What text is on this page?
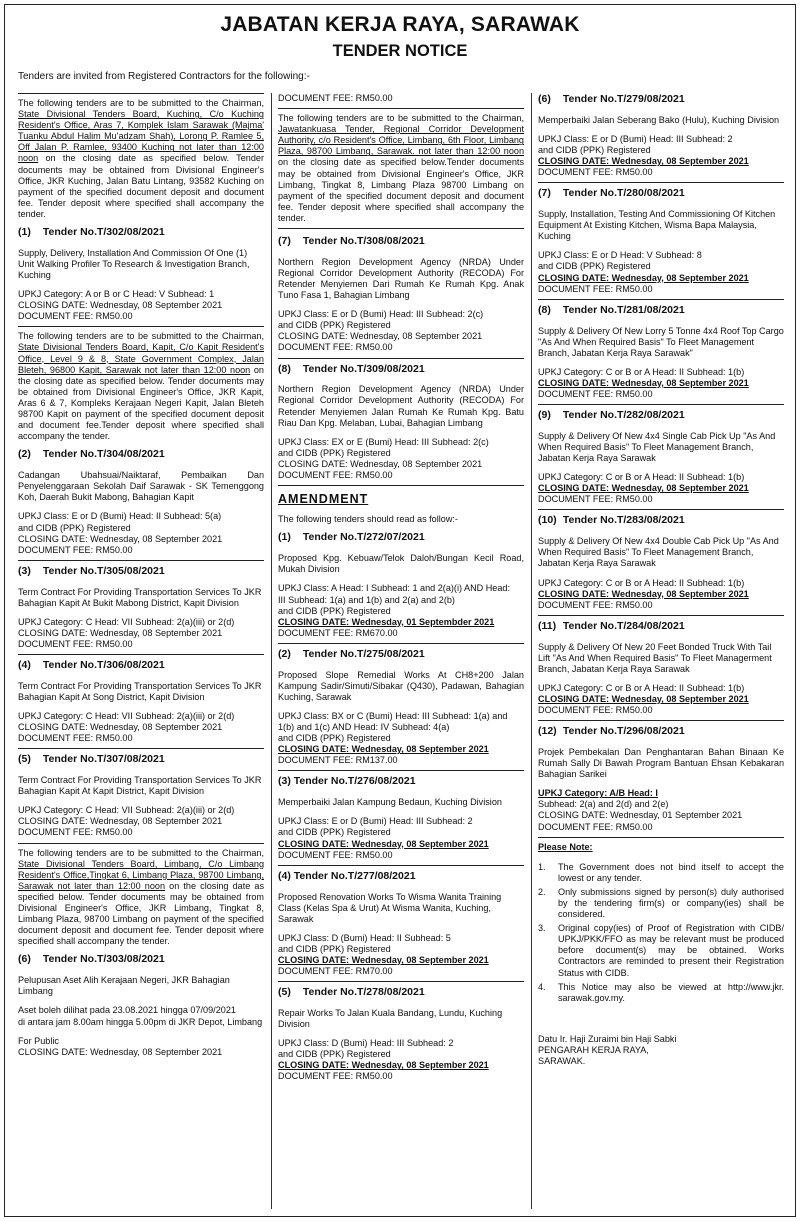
JABATAN KERJA RAYA, SARAWAK
TENDER NOTICE
Tenders are invited from Registered Contractors for the following:-

The following tenders are to be submitted to the Chairman, State Divisional Tenders Board, Kuching, C/o Kuching Resident's Office, Aras 7, Komplek Islam Sarawak (Majma' Tuanku Abdul Halim Mu'adzam Shah), Lorong P. Ramlee 5, Off Jalan P. Ramlee, 93400 Kuching not later than 12:00 noon on the closing date as specified below. Tender documents may be obtained from Divisional Engineer's Office, JKR Kuching, Jalan Batu Lintang, 93582 Kuching on payment of the specified document deposit and document fee. Tender deposit where specified shall accompany the tender.

(1) Tender No.T/302/08/2021

Supply, Delivery, Installation And Commission Of One (1) Unit Walking Profiler To Research & Investigation Branch, Kuching

UPKJ Category: A or B or C Head: V Subhead: 1
CLOSING DATE: Wednesday, 08 September 2021
DOCUMENT FEE: RM50.00

The following tenders are to be submitted to the Chairman, State Divisional Tenders Board, Kapit, C/o Kapit Resident's Office, Level 9 & 8, State Government Complex, Jalan Bleteh, 96800 Kapit, Sarawak not later than 12:00 noon on the closing date as specified below. Tender documents may be obtained from Divisional Engineer's Office, JKR Kapit, Aras 6 & 7, Kompleks Kerajaan Negeri Kapit, Jalan Bleteh 98700 Kapit on payment of the specified document deposit and document fee.Tender deposit where specified shall accompany the tender.

(2) Tender No.T/304/08/2021

Cadangan Ubahsuai/Naiktaraf, Pembaikan Dan Penyelenggaraan Sekolah Daif Sarawak - SK Temenggong Koh, Daerah Bukit Mabong, Bahagian Kapit

UPKJ Class: E or D (Bumi) Head: II Subhead: 5(a)
and CIDB (PPK) Registered
CLOSING DATE: Wednesday, 08 September 2021
DOCUMENT FEE: RM50.00
(3) Tender No.T/305/08/2021

Term Contract For Providing Transportation Services To JKR Bahagian Kapit At Bukit Mabong District, Kapit Division

UPKJ Category: C Head: VII Subhead: 2(a)(iii) or 2(d)
CLOSING DATE: Wednesday, 08 September 2021
DOCUMENT FEE: RM50.00
(4) Tender No.T/306/08/2021

Term Contract For Providing Transportation Services To JKR Bahagian Kapit At Song District, Kapit Division

UPKJ Category: C Head: VII Subhead: 2(a)(iii) or 2(d)
CLOSING DATE: Wednesday, 08 September 2021
DOCUMENT FEE: RM50.00
(5) Tender No.T/307/08/2021

Term Contract For Providing Transportation Services To JKR Bahagian Kapit At Kapit District, Kapit Division

UPKJ Category: C Head: VII Subhead: 2(a)(iii) or 2(d)
CLOSING DATE: Wednesday, 08 September 2021
DOCUMENT FEE: RM50.00

The following tenders are to be submitted to the Chairman, State Divisional Tenders Board, Limbang, C/o Limbang Resident's Office,Tingkat 6, Limbang Plaza, 98700 Limbang, Sarawak not later than 12:00 noon on the closing date as specified below. Tender documents may be obtained from Divisional Engineer's Office, JKR Limbang, Tingkat 8, Limbang Plaza, 98700 Limbang on payment of the specified document deposit and document fee. Tender deposit where specified shall accompany the tender.

(6) Tender No.T/303/08/2021

Pelupusan Aset Alih Kerajaan Negeri, JKR Bahagian Limbang

Aset boleh dilihat pada 23.08.2021 hingga 07/09/2021
di antara jam 8.00am hingga 5.00pm di JKR Depot, Limbang
For Public
CLOSING DATE: Wednesday, 08 September 2021
DOCUMENT FEE: RM50.00

The following tenders are to be submitted to the Chairman, Jawatankuasa Tender, Regional Corridor Development Authority, c/o Resident's Office, Limbang, 6th Floor, Limbang Plaza, 98700 Limbang, Sarawak. not later than 12:00 noon on the closing date as specified below.Tender documents may be obtained from Divisional Engineer's Office, JKR Limbang, Tingkat 8, Limbang Plaza 98700 Limbang on payment of the specified document deposit and document fee. Tender deposit where specified shall accompany the tender.

(7) Tender No.T/308/08/2021

Northern Region Development Agency (NRDA) Under Regional Corridor Development Authority (RECODA) For Retender Menyiemen Dari Rumah Ke Rumah Kpg. Anak Tuno Fasa 1, Bahagian Limbang

UPKJ Class: E or D (Bumi) Head: III Subhead: 2(c)
and CIDB (PPK) Registered
CLOSING DATE: Wednesday, 08 September 2021
DOCUMENT FEE: RM50.00
(8) Tender No.T/309/08/2021

Northern Region Development Agency (NRDA) Under Regional Corridor Development Authority (RECODA) For Retender Menyiemen Jalan Rumah Ke Rumah Kpg. Batu Riau Dan Kpg. Melaban, Lubai, Bahagian Limbang

UPKJ Class: EX or E (Bumi) Head: III Subhead: 2(c)
and CIDB (PPK) Registered
CLOSING DATE: Wednesday, 08 September 2021
DOCUMENT FEE: RM50.00
AMENDMENT

The following tenders should read as follow:-

(1) Tender No.T/272/07/2021

Proposed Kpg. Kebuaw/Telok Daloh/Bungan Kecil Road, Mukah Division

UPKJ Class: A Head: I Subhead: 1 and 2(a)(i) AND Head:
III Subhead: 1(a) and 1(b) and 2(a) and 2(b)
and CIDB (PPK) Registered
CLOSING DATE: Wednesday, 01 Septembder 2021
DOCUMENT FEE: RM670.00
(2) Tender No.T/275/08/2021

Proposed Slope Remedial Works At CH8+200 Jalan Kampung Sadir/Simuti/Sibakar (Q430), Padawan, Bahagian Kuching, Sarawak

UPKJ Class: BX or C (Bumi) Head: III Subhead: 1(a) and
1(b) and 1(c) AND Head: IV Subhead: 4(a)
and CIDB (PPK) Registered
CLOSING DATE: Wednesday, 08 September 2021
DOCUMENT FEE: RM137.00
(3) Tender No.T/276/08/2021

Memperbaiki Jalan Kampung Bedaun, Kuching Division

UPKJ Class: E or D (Bumi) Head: III Subhead: 2
and CIDB (PPK) Registered
CLOSING DATE: Wednesday, 08 September 2021
DOCUMENT FEE: RM50.00
(4) Tender No.T/277/08/2021

Proposed Renovation Works To Wisma Wanita Training Class (Kelas Spa & Urut) At Wisma Wanita, Kuching, Sarawak

UPKJ Class: D (Bumi) Head: II Subhead: 5
and CIDB (PPK) Registered
CLOSING DATE: Wednesday, 08 September 2021
DOCUMENT FEE: RM70.00
(5) Tender No.T/278/08/2021

Repair Works To Jalan Kuala Bandang, Lundu, Kuching Division

UPKJ Class: D (Bumi) Head: III Subhead: 2
and CIDB (PPK) Registered
CLOSING DATE: Wednesday, 08 September 2021
DOCUMENT FEE: RM50.00
(6) Tender No.T/279/08/2021

Memperbaiki Jalan Seberang Bako (Hulu), Kuching Division

UPKJ Class: E or D (Bumi) Head: III Subhead: 2
and CIDB (PPK) Registered
CLOSING DATE: Wednesday, 08 September 2021
DOCUMENT FEE: RM50.00
(7) Tender No.T/280/08/2021

Supply, Installation, Testing And Commissioning Of Kitchen Equipment At Existing Kitchen, Wisma Bapa Malaysia, Kuching

UPKJ Class: E or D Head: V Subhead: 8
and CIDB (PPK) Registered
CLOSING DATE: Wednesday, 08 September 2021
DOCUMENT FEE: RM50.00
(8) Tender No.T/281/08/2021

Supply & Delivery Of New Lorry 5 Tonne 4x4 Roof Top Cargo "As And When Required Basis" To Fleet Management Branch, Jabatan Kerja Raya Sarawak"

UPKJ Category: C or B or A Head: II Subhead: 1(b)
CLOSING DATE: Wednesday, 08 September 2021
DOCUMENT FEE: RM50.00
(9) Tender No.T/282/08/2021

Supply & Delivery Of New 4x4 Single Cab Pick Up "As And When Required Basis" To Fleet Management Branch, Jabatan Kerja Raya Sarawak

UPKJ Category: C or B or A Head: II Subhead: 1(b)
CLOSING DATE: Wednesday, 08 September 2021
DOCUMENT FEE: RM50.00
(10) Tender No.T/283/08/2021

Supply & Delivery Of New 4x4 Double Cab Pick Up "As And When Required Basis" To Fleet Management Branch, Jabatan Kerja Raya Sarawak

UPKJ Category: C or B or A Head: II Subhead: 1(b)
CLOSING DATE: Wednesday, 08 September 2021
DOCUMENT FEE: RM50.00
(11) Tender No.T/284/08/2021

Supply & Delivery Of New 20 Feet Bonded Truck With Tail Lift "As And When Required Basis" To Fleet Managerment Branch, Jabatan Kerja Raya Sarawak

UPKJ Category: C or B or A Head: II Subhead: 1(b)
CLOSING DATE: Wednesday, 08 September 2021
DOCUMENT FEE: RM50.00
(12) Tender No.T/296/08/2021

Projek Pembekalan Dan Penghantaran Bahan Binaan Ke Rumah Sally Di Bawah Program Bantuan Ehsan Kebakaran Bahagian Sarikei

UPKJ Category: A/B Head: I
Subhead: 2(a) and 2(d) and 2(e)
CLOSING DATE: Wednesday, 01 September 2021
DOCUMENT FEE: RM50.00
Please Note:
1.	The Government does not bind itself to accept the lowest or any tender.
2.	Only submissions signed by person(s) duly authorised by the tendering firm(s) or company(ies) shall be considered.
3.	Original copy(ies) of Proof of Registration with CIDB/ UPKJ/PKK/FFO as may be relevant must be produced before document(s) may be obtained. Works Contractors are reminded to present their Registration Status with CIDB.
4.	This Notice may also be viewed at http://www.jkr. sarawak.gov.my.
Datu Ir. Haji Zuraimi bin Haji Sabki
PENGARAH KERJA RAYA,
SARAWAK.
